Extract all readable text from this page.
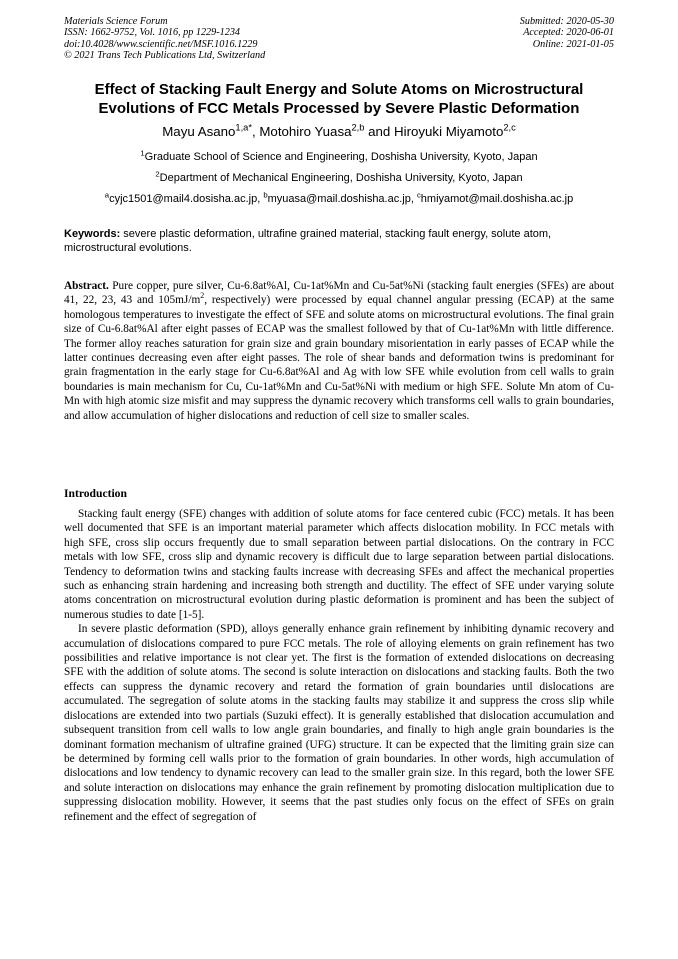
Materials Science Forum
ISSN: 1662-9752, Vol. 1016, pp 1229-1234
doi:10.4028/www.scientific.net/MSF.1016.1229
© 2021 Trans Tech Publications Ltd, Switzerland
Submitted: 2020-05-30
Accepted: 2020-06-01
Online: 2021-01-05
Effect of Stacking Fault Energy and Solute Atoms on Microstructural
Evolutions of FCC Metals Processed by Severe Plastic Deformation
Mayu Asano$^{1,a*}$, Motohiro Yuasa$^{2,b}$ and Hiroyuki Miyamoto$^{2,c}$
$^1$Graduate School of Science and Engineering, Doshisha University, Kyoto, Japan
$^2$Department of Mechanical Engineering, Doshisha University, Kyoto, Japan
$^a$cyjc1501@mail4.dosisha.ac.jp, $^b$myuasa@mail.doshisha.ac.jp, $^c$hmiyamot@mail.doshisha.ac.jp
Keywords: severe plastic deformation, ultrafine grained material, stacking fault energy, solute atom, microstructural evolutions.
Abstract. Pure copper, pure silver, Cu-6.8at%Al, Cu-1at%Mn and Cu-5at%Ni (stacking fault energies (SFEs) are about 41, 22, 23, 43 and $105mJ/m^2$, respectively) were processed by equal channel angular pressing (ECAP) at the same homologous temperatures to investigate the effect of SFE and solute atoms on microstructural evolutions. The final grain size of Cu-6.8at%Al after eight passes of ECAP was the smallest followed by that of Cu-1at%Mn with little difference. The former alloy reaches saturation for grain size and grain boundary misorientation in early passes of ECAP while the latter continues decreasing even after eight passes. The role of shear bands and deformation twins is predominant for grain fragmentation in the early stage for Cu-6.8at%Al and Ag with low SFE while evolution from cell walls to grain boundaries is main mechanism for Cu, Cu-1at%Mn and Cu-5at%Ni with medium or high SFE. Solute Mn atom of Cu-Mn with high atomic size misfit and may suppress the dynamic recovery which transforms cell walls to grain boundaries, and allow accumulation of higher dislocations and reduction of cell size to smaller scales.
Introduction

Stacking fault energy (SFE) changes with addition of solute atoms for face centered cubic (FCC) metals. It has been well documented that SFE is an important material parameter which affects dislocation mobility. In FCC metals with high SFE, cross slip occurs frequently due to small separation between partial dislocations. On the contrary in FCC metals with low SFE, cross slip and dynamic recovery is difficult due to large separation between partial dislocations. Tendency to deformation twins and stacking faults increase with decreasing SFEs and affect the mechanical properties such as enhancing strain hardening and increasing both strength and ductility. The effect of SFE under varying solute atoms concentration on microstructural evolution during plastic deformation is prominent and has been the subject of numerous studies to date [1-5].

In severe plastic deformation (SPD), alloys generally enhance grain refinement by inhibiting dynamic recovery and accumulation of dislocations compared to pure FCC metals. The role of alloying elements on grain refinement has two possibilities and relative importance is not clear yet. The first is the formation of extended dislocations on decreasing SFE with the addition of solute atoms. The second is solute interaction on dislocations and stacking faults. Both the two effects can suppress the dynamic recovery and retard the formation of grain boundaries until dislocations are accumulated. The segregation of solute atoms in the stacking faults may stabilize it and suppress the cross slip while dislocations are extended into two partials (Suzuki effect). It is generally established that dislocation accumulation and subsequent transition from cell walls to low angle grain boundaries, and finally to high angle grain boundaries is the dominant formation mechanism of ultrafine grained (UFG) structure. It can be expected that the limiting grain size can be determined by forming cell walls prior to the formation of grain boundaries. In other words, high accumulation of dislocations and low tendency to dynamic recovery can lead to the smaller grain size. In this regard, both the lower SFE and solute interaction on dislocations may enhance the grain refinement by promoting dislocation multiplication due to suppressing dislocation mobility. However, it seems that the past studies only focus on the effect of SFEs on grain refinement and the effect of segregation of
